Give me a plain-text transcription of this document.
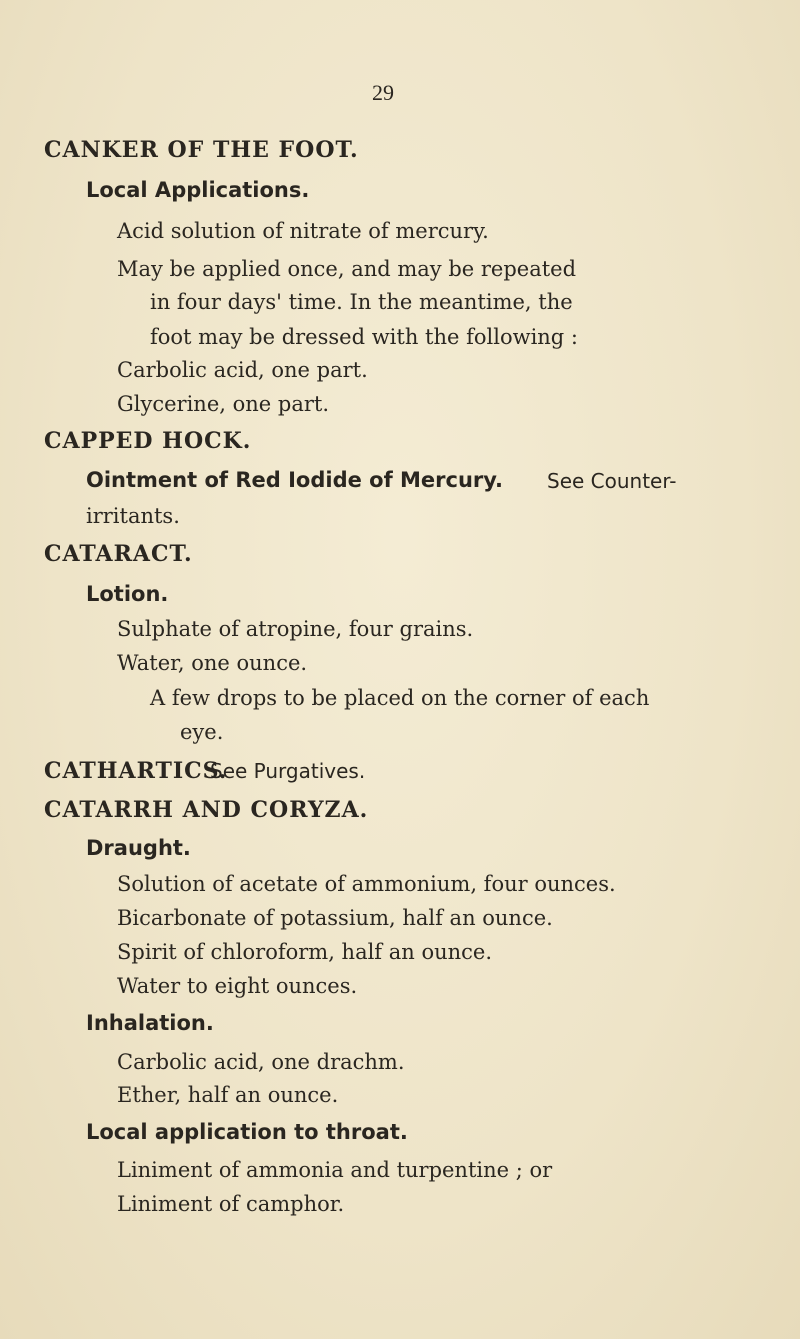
29
CANKER OF THE FOOT.
Local Applications.
Acid solution of nitrate of mercury.
May be applied once, and may be repeated
in four days' time. In the meantime, the
foot may be dressed with the following :
Carbolic acid, one part.
Glycerine, one part.
CAPPED HOCK.
Ointment of Red Iodide of Mercury. See Counter-
irritants.
CATARACT.
Lotion.
Sulphate of atropine, four grains.
Water, one ounce.
A few drops to be placed on the corner of each
eye.
CATHARTICS.
See Purgatives.
CATARRH AND CORYZA.
Draught.
Solution of acetate of ammonium, four ounces.
Bicarbonate of potassium, half an ounce.
Spirit of chloroform, half an ounce.
Water to eight ounces.
Inhalation.
Carbolic acid, one drachm.
Ether, half an ounce.
Local application to throat.
Liniment of ammonia and turpentine ; or
Liniment of camphor.
